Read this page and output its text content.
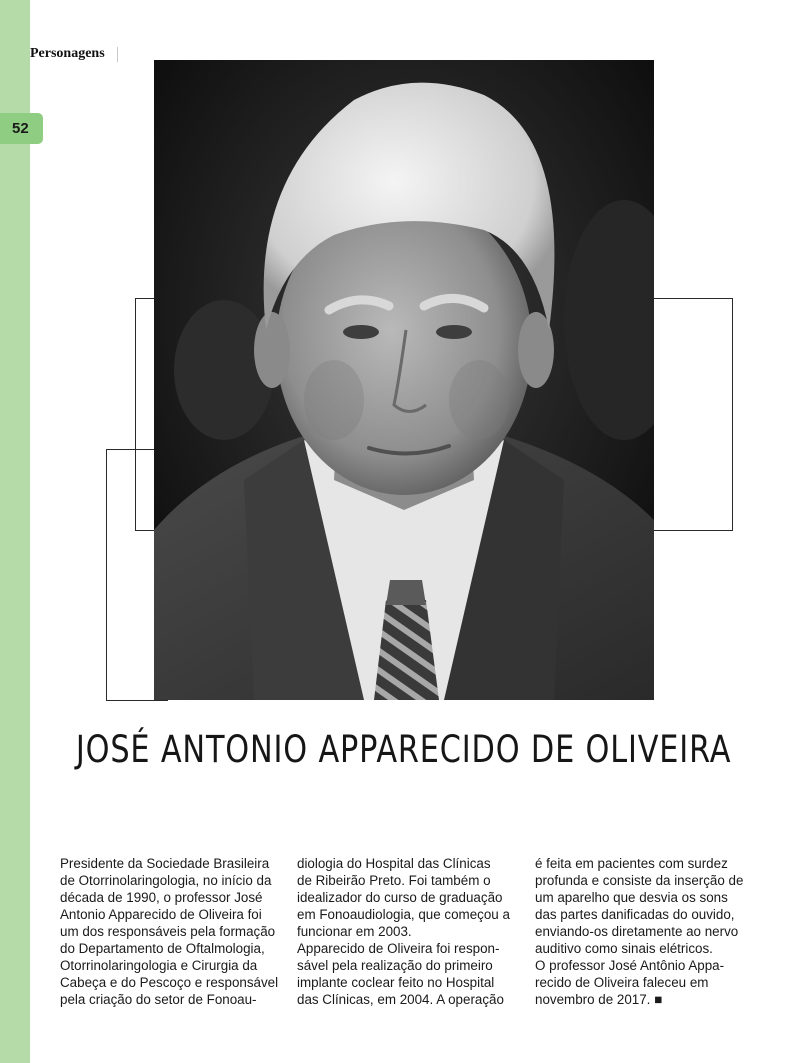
52
Personagens
JOSÉ ANTONIO APPARECIDO DE OLIVEIRA
Presidente da Sociedade Brasileira
de Otorrinolaringologia, no início da
década de 1990, o professor José
Antonio Apparecido de Oliveira foi
um dos responsáveis pela formação
do Departamento de Oftalmologia,
Otorrinolaringologia e Cirurgia da
Cabeça e do Pescoço e responsável
pela criação do setor de Fonoau-
diologia do Hospital das Clínicas
de Ribeirão Preto. Foi também o
idealizador do curso de graduação
em Fonoaudiologia, que começou a
funcionar em 2003.
Apparecido de Oliveira foi respon-
sável pela realização do primeiro
implante coclear feito no Hospital
das Clínicas, em 2004. A operação
é feita em pacientes com surdez
profunda e consiste da inserção de
um aparelho que desvia os sons
das partes danificadas do ouvido,
enviando-os diretamente ao nervo
auditivo como sinais elétricos.
O professor José Antônio Appa-
recido de Oliveira faleceu em
novembro de 2017. ■
